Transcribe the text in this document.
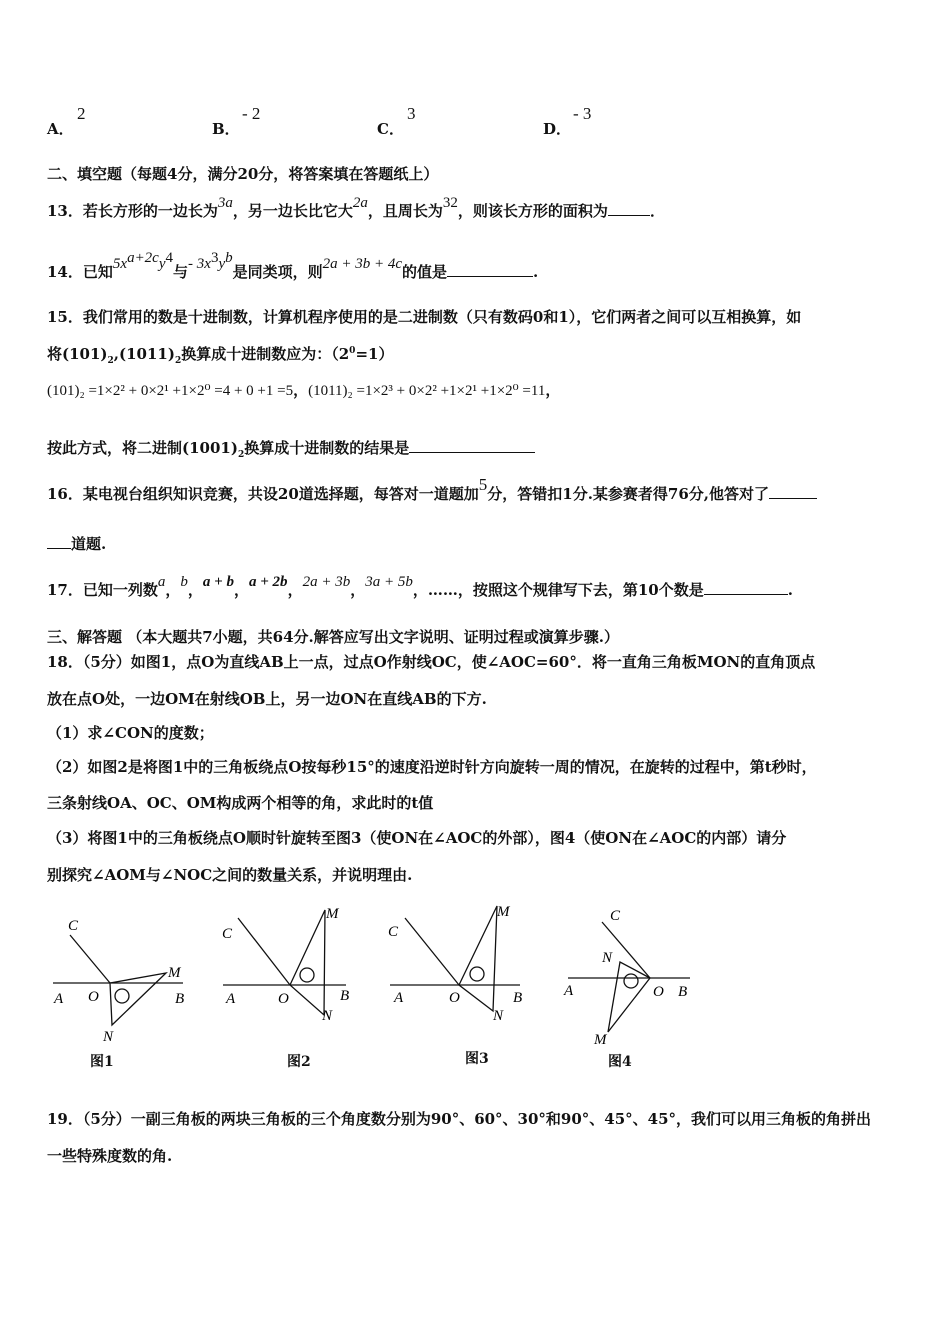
A．
2
B．
- 2
C．
3
D．
- 3
二、填空题（每题4分，满分20分，将答案填在答题纸上）
13．若长方形的一边长为3a，另一边长比它大2a，且周长为32，则该长方形的面积为	．
14．已知$5x^{a+2c}y^4$与- $3x^3y^b$是同类项，则2a + 3b + 4c的值是	.
15．我们常用的数是十进制数，计算机程序使用的是二进制数（只有数码0和1），它们两者之间可以互相换算，如
将$(101)_2,(1011)_2$换算成十进制数应为：$(2^0=1)$
(101)₂ =1×2² + 0×2¹ +1×2⁰ =4 + 0 +1 =5，(1011)₂ =1×2³ + 0×2² +1×2¹ +1×2⁰ =11，
按此方式，将二进制$(1001)_2$换算成十进制数的结果是
16．某电视台组织知识竞赛，共设20道选择题，每答对一道题加5分，答错扣1分.某参赛者得76分,他答对了
道题.
17．已知一列数a，b，a + b，a + 2b，2a + 3b，3a + 5b，……，按照这个规律写下去，第10个数是	.
三、解答题 （本大题共7小题，共64分.解答应写出文字说明、证明过程或演算步骤.）
18．（5分）如图1，点O为直线AB上一点，过点O作射线OC，使∠AOC=60°．将一直角三角板MON的直角顶点
放在点O处，一边OM在射线OB上，另一边ON在直线AB的下方.
（1）求∠CON的度数；
（2）如图2是将图1中的三角板绕点O按每秒15°的速度沿逆时针方向旋转一周的情况，在旋转的过程中，第t秒时，
三条射线OA、OC、OM构成两个相等的角，求此时的t值
（3）将图1中的三角板绕点O顺时针旋转至图3（使ON在∠AOC的外部），图4（使ON在∠AOC的内部）请分
别探究∠AOM与∠NOC之间的数量关系，并说明理由.
C
A O
M
B
N
图1
C
A	O
M
B
N
图2
C
A	O
M
B
N
图3
C
A
N
O B
M
图4
19．（5分）一副三角板的两块三角板的三个角度数分别为90°、60°、30°和90°、45°、45°，我们可以用三角板的角拼出
一些特殊度数的角.
